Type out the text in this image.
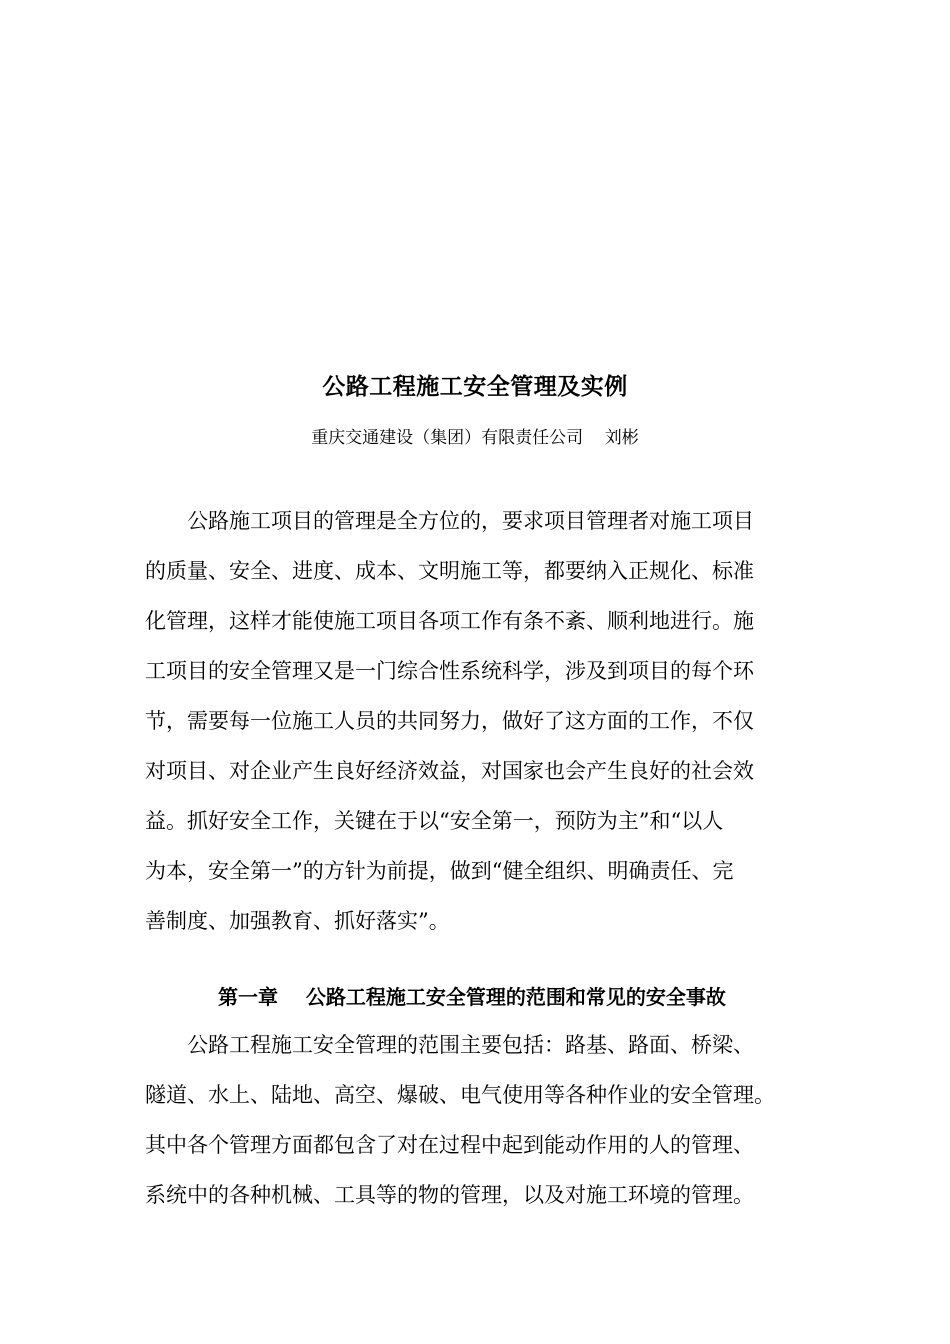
公路工程施工安全管理及实例
重庆交通建设（集团）有限责任公司    刘彬
　　公路施工项目的管理是全方位的，要求项目管理者对施工项目
的质量、安全、进度、成本、文明施工等，都要纳入正规化、标准
化管理，这样才能使施工项目各项工作有条不紊、顺利地进行。施
工项目的安全管理又是一门综合性系统科学，涉及到项目的每个环
节，需要每一位施工人员的共同努力，做好了这方面的工作，不仅
对项目、对企业产生良好经济效益，对国家也会产生良好的社会效
益。抓好安全工作，关键在于以“安全第一，预防为主”和“以人
为本，安全第一”的方针为前提，做到“健全组织、明确责任、完
善制度、加强教育、抓好落实”。
第一章    公路工程施工安全管理的范围和常见的安全事故
　　公路工程施工安全管理的范围主要包括：路基、路面、桥梁、
隧道、水上、陆地、高空、爆破、电气使用等各种作业的安全管理。
其中各个管理方面都包含了对在过程中起到能动作用的人的管理、
系统中的各种机械、工具等的物的管理，以及对施工环境的管理。
